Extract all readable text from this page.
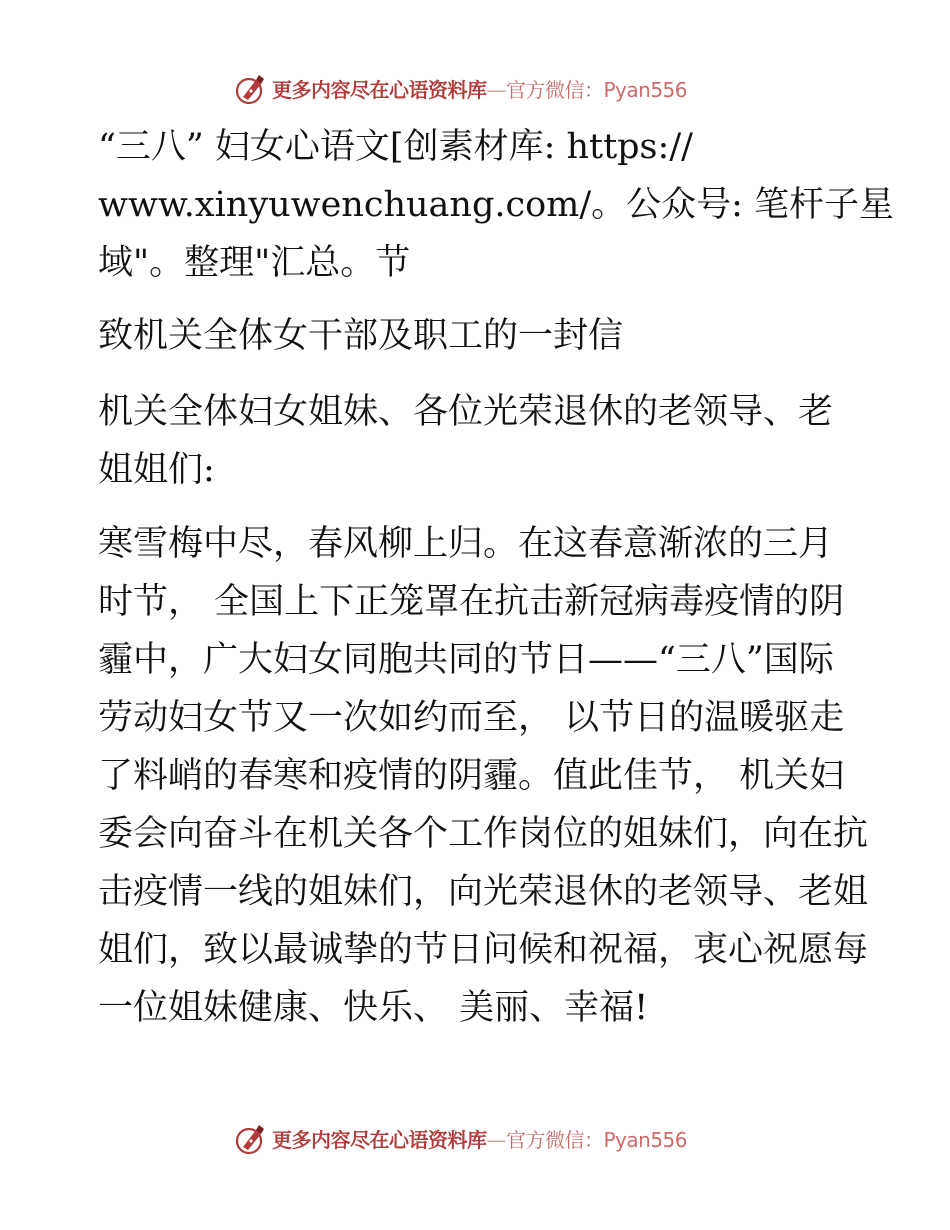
更多内容尽在心语资料库—官方微信：Pyan556
“三八” 妇女心语文[创素材库: https://
www.xinyuwenchuang.com/。公众号: 笔杆子星
域"。整理"汇总。节
致机关全体女干部及职工的一封信
机关全体妇女姐妹、各位光荣退休的老领导、老
姐姐们:
寒雪梅中尽，春风柳上归。在这春意渐浓的三月
时节， 全国上下正笼罩在抗击新冠病毒疫情的阴
霾中，广大妇女同胞共同的节日——“三八”国际
劳动妇女节又一次如约而至， 以节日的温暖驱走
了料峭的春寒和疫情的阴霾。值此佳节， 机关妇
委会向奋斗在机关各个工作岗位的姐妹们，向在抗
击疫情一线的姐妹们，向光荣退休的老领导、老姐
姐们，致以最诚挚的节日问候和祝福，衷心祝愿每
一位姐妹健康、快乐、 美丽、幸福!
更多内容尽在心语资料库—官方微信：Pyan556
